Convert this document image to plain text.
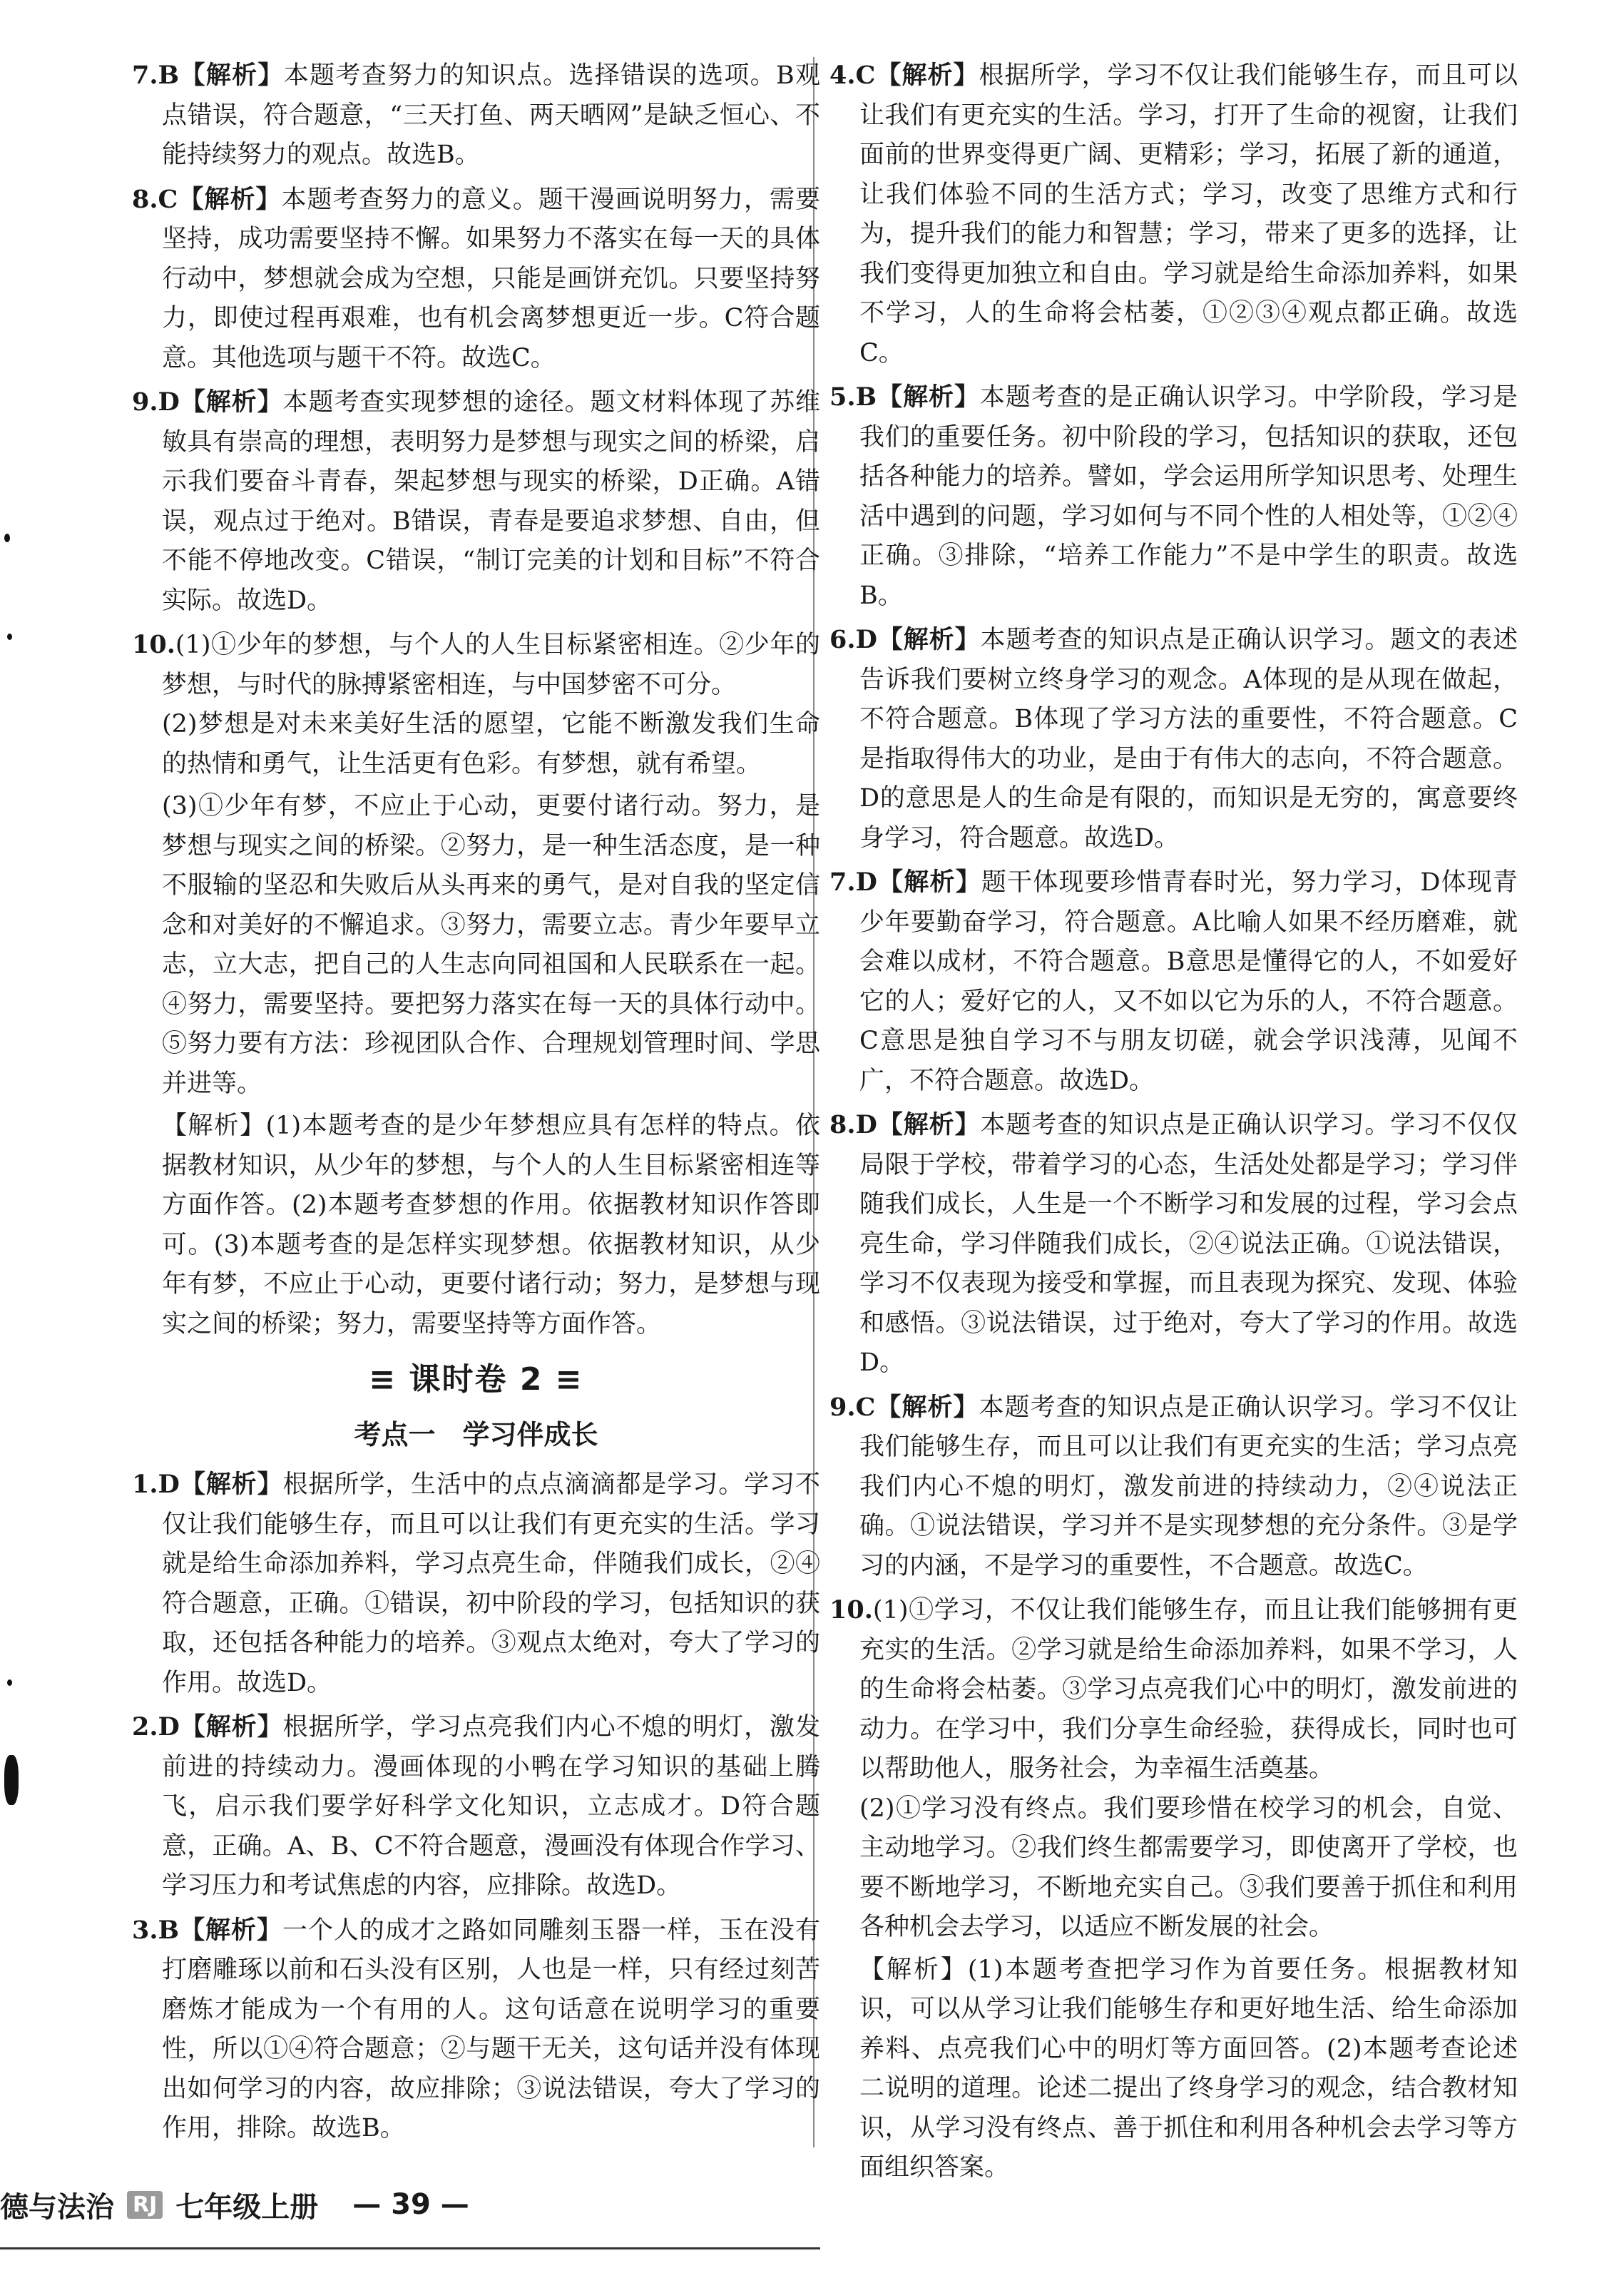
7.B【解析】本题考查努力的知识点。选择错误的选项。B观点错误，符合题意，“三天打鱼、两天晒网”是缺乏恒心、不能持续努力的观点。故选B。
8.C【解析】本题考查努力的意义。题干漫画说明努力，需要坚持，成功需要坚持不懈。如果努力不落实在每一天的具体行动中，梦想就会成为空想，只能是画饼充饥。只要坚持努力，即使过程再艰难，也有机会离梦想更近一步。C符合题意。其他选项与题干不符。故选C。
9.D【解析】本题考查实现梦想的途径。题文材料体现了苏维敏具有崇高的理想，表明努力是梦想与现实之间的桥梁，启示我们要奋斗青春，架起梦想与现实的桥梁，D正确。A错误，观点过于绝对。B错误，青春是要追求梦想、自由，但不能不停地改变。C错误，“制订完美的计划和目标”不符合实际。故选D。
10.(1)①少年的梦想，与个人的人生目标紧密相连。②少年的梦想，与时代的脉搏紧密相连，与中国梦密不可分。
(2)梦想是对未来美好生活的愿望，它能不断激发我们生命的热情和勇气，让生活更有色彩。有梦想，就有希望。
(3)①少年有梦，不应止于心动，更要付诸行动。努力，是梦想与现实之间的桥梁。②努力，是一种生活态度，是一种不服输的坚忍和失败后从头再来的勇气，是对自我的坚定信念和对美好的不懈追求。③努力，需要立志。青少年要早立志，立大志，把自己的人生志向同祖国和人民联系在一起。④努力，需要坚持。要把努力落实在每一天的具体行动中。⑤努力要有方法：珍视团队合作、合理规划管理时间、学思并进等。
【解析】(1)本题考查的是少年梦想应具有怎样的特点。依据教材知识，从少年的梦想，与个人的人生目标紧密相连等方面作答。(2)本题考查梦想的作用。依据教材知识作答即可。(3)本题考查的是怎样实现梦想。依据教材知识，从少年有梦，不应止于心动，更要付诸行动；努力，是梦想与现实之间的桥梁；努力，需要坚持等方面作答。
≡ 课时卷 2 ≡
考点一　学习伴成长
1.D【解析】根据所学，生活中的点点滴滴都是学习。学习不仅让我们能够生存，而且可以让我们有更充实的生活。学习就是给生命添加养料，学习点亮生命，伴随我们成长，②④符合题意，正确。①错误，初中阶段的学习，包括知识的获取，还包括各种能力的培养。③观点太绝对，夸大了学习的作用。故选D。
2.D【解析】根据所学，学习点亮我们内心不熄的明灯，激发前进的持续动力。漫画体现的小鸭在学习知识的基础上腾飞，启示我们要学好科学文化知识，立志成才。D符合题意，正确。A、B、C不符合题意，漫画没有体现合作学习、学习压力和考试焦虑的内容，应排除。故选D。
3.B【解析】一个人的成才之路如同雕刻玉器一样，玉在没有打磨雕琢以前和石头没有区别，人也是一样，只有经过刻苦磨炼才能成为一个有用的人。这句话意在说明学习的重要性，所以①④符合题意；②与题干无关，这句话并没有体现出如何学习的内容，故应排除；③说法错误，夸大了学习的作用，排除。故选B。
4.C【解析】根据所学，学习不仅让我们能够生存，而且可以让我们有更充实的生活。学习，打开了生命的视窗，让我们面前的世界变得更广阔、更精彩；学习，拓展了新的通道，让我们体验不同的生活方式；学习，改变了思维方式和行为，提升我们的能力和智慧；学习，带来了更多的选择，让我们变得更加独立和自由。学习就是给生命添加养料，如果不学习，人的生命将会枯萎，①②③④观点都正确。故选C。
5.B【解析】本题考查的是正确认识学习。中学阶段，学习是我们的重要任务。初中阶段的学习，包括知识的获取，还包括各种能力的培养。譬如，学会运用所学知识思考、处理生活中遇到的问题，学习如何与不同个性的人相处等，①②④正确。③排除，“培养工作能力”不是中学生的职责。故选B。
6.D【解析】本题考查的知识点是正确认识学习。题文的表述告诉我们要树立终身学习的观念。A体现的是从现在做起，不符合题意。B体现了学习方法的重要性，不符合题意。C是指取得伟大的功业，是由于有伟大的志向，不符合题意。D的意思是人的生命是有限的，而知识是无穷的，寓意要终身学习，符合题意。故选D。
7.D【解析】题干体现要珍惜青春时光，努力学习，D体现青少年要勤奋学习，符合题意。A比喻人如果不经历磨难，就会难以成材，不符合题意。B意思是懂得它的人，不如爱好它的人；爱好它的人，又不如以它为乐的人，不符合题意。C意思是独自学习不与朋友切磋，就会学识浅薄，见闻不广，不符合题意。故选D。
8.D【解析】本题考查的知识点是正确认识学习。学习不仅仅局限于学校，带着学习的心态，生活处处都是学习；学习伴随我们成长，人生是一个不断学习和发展的过程，学习会点亮生命，学习伴随我们成长，②④说法正确。①说法错误，学习不仅表现为接受和掌握，而且表现为探究、发现、体验和感悟。③说法错误，过于绝对，夸大了学习的作用。故选D。
9.C【解析】本题考查的知识点是正确认识学习。学习不仅让我们能够生存，而且可以让我们有更充实的生活；学习点亮我们内心不熄的明灯，激发前进的持续动力，②④说法正确。①说法错误，学习并不是实现梦想的充分条件。③是学习的内涵，不是学习的重要性，不合题意。故选C。
10.(1)①学习，不仅让我们能够生存，而且让我们能够拥有更充实的生活。②学习就是给生命添加养料，如果不学习，人的生命将会枯萎。③学习点亮我们心中的明灯，激发前进的动力。在学习中，我们分享生命经验，获得成长，同时也可以帮助他人，服务社会，为幸福生活奠基。
(2)①学习没有终点。我们要珍惜在校学习的机会，自觉、主动地学习。②我们终生都需要学习，即使离开了学校，也要不断地学习，不断地充实自己。③我们要善于抓住和利用各种机会去学习，以适应不断发展的社会。
【解析】(1)本题考查把学习作为首要任务。根据教材知识，可以从学习让我们能够生存和更好地生活、给生命添加养料、点亮我们心中的明灯等方面回答。(2)本题考查论述二说明的道理。论述二提出了终身学习的观念，结合教材知识，从学习没有终点、善于抓住和利用各种机会去学习等方面组织答案。
德与法治 RJ 七年级上册 — 39 —
